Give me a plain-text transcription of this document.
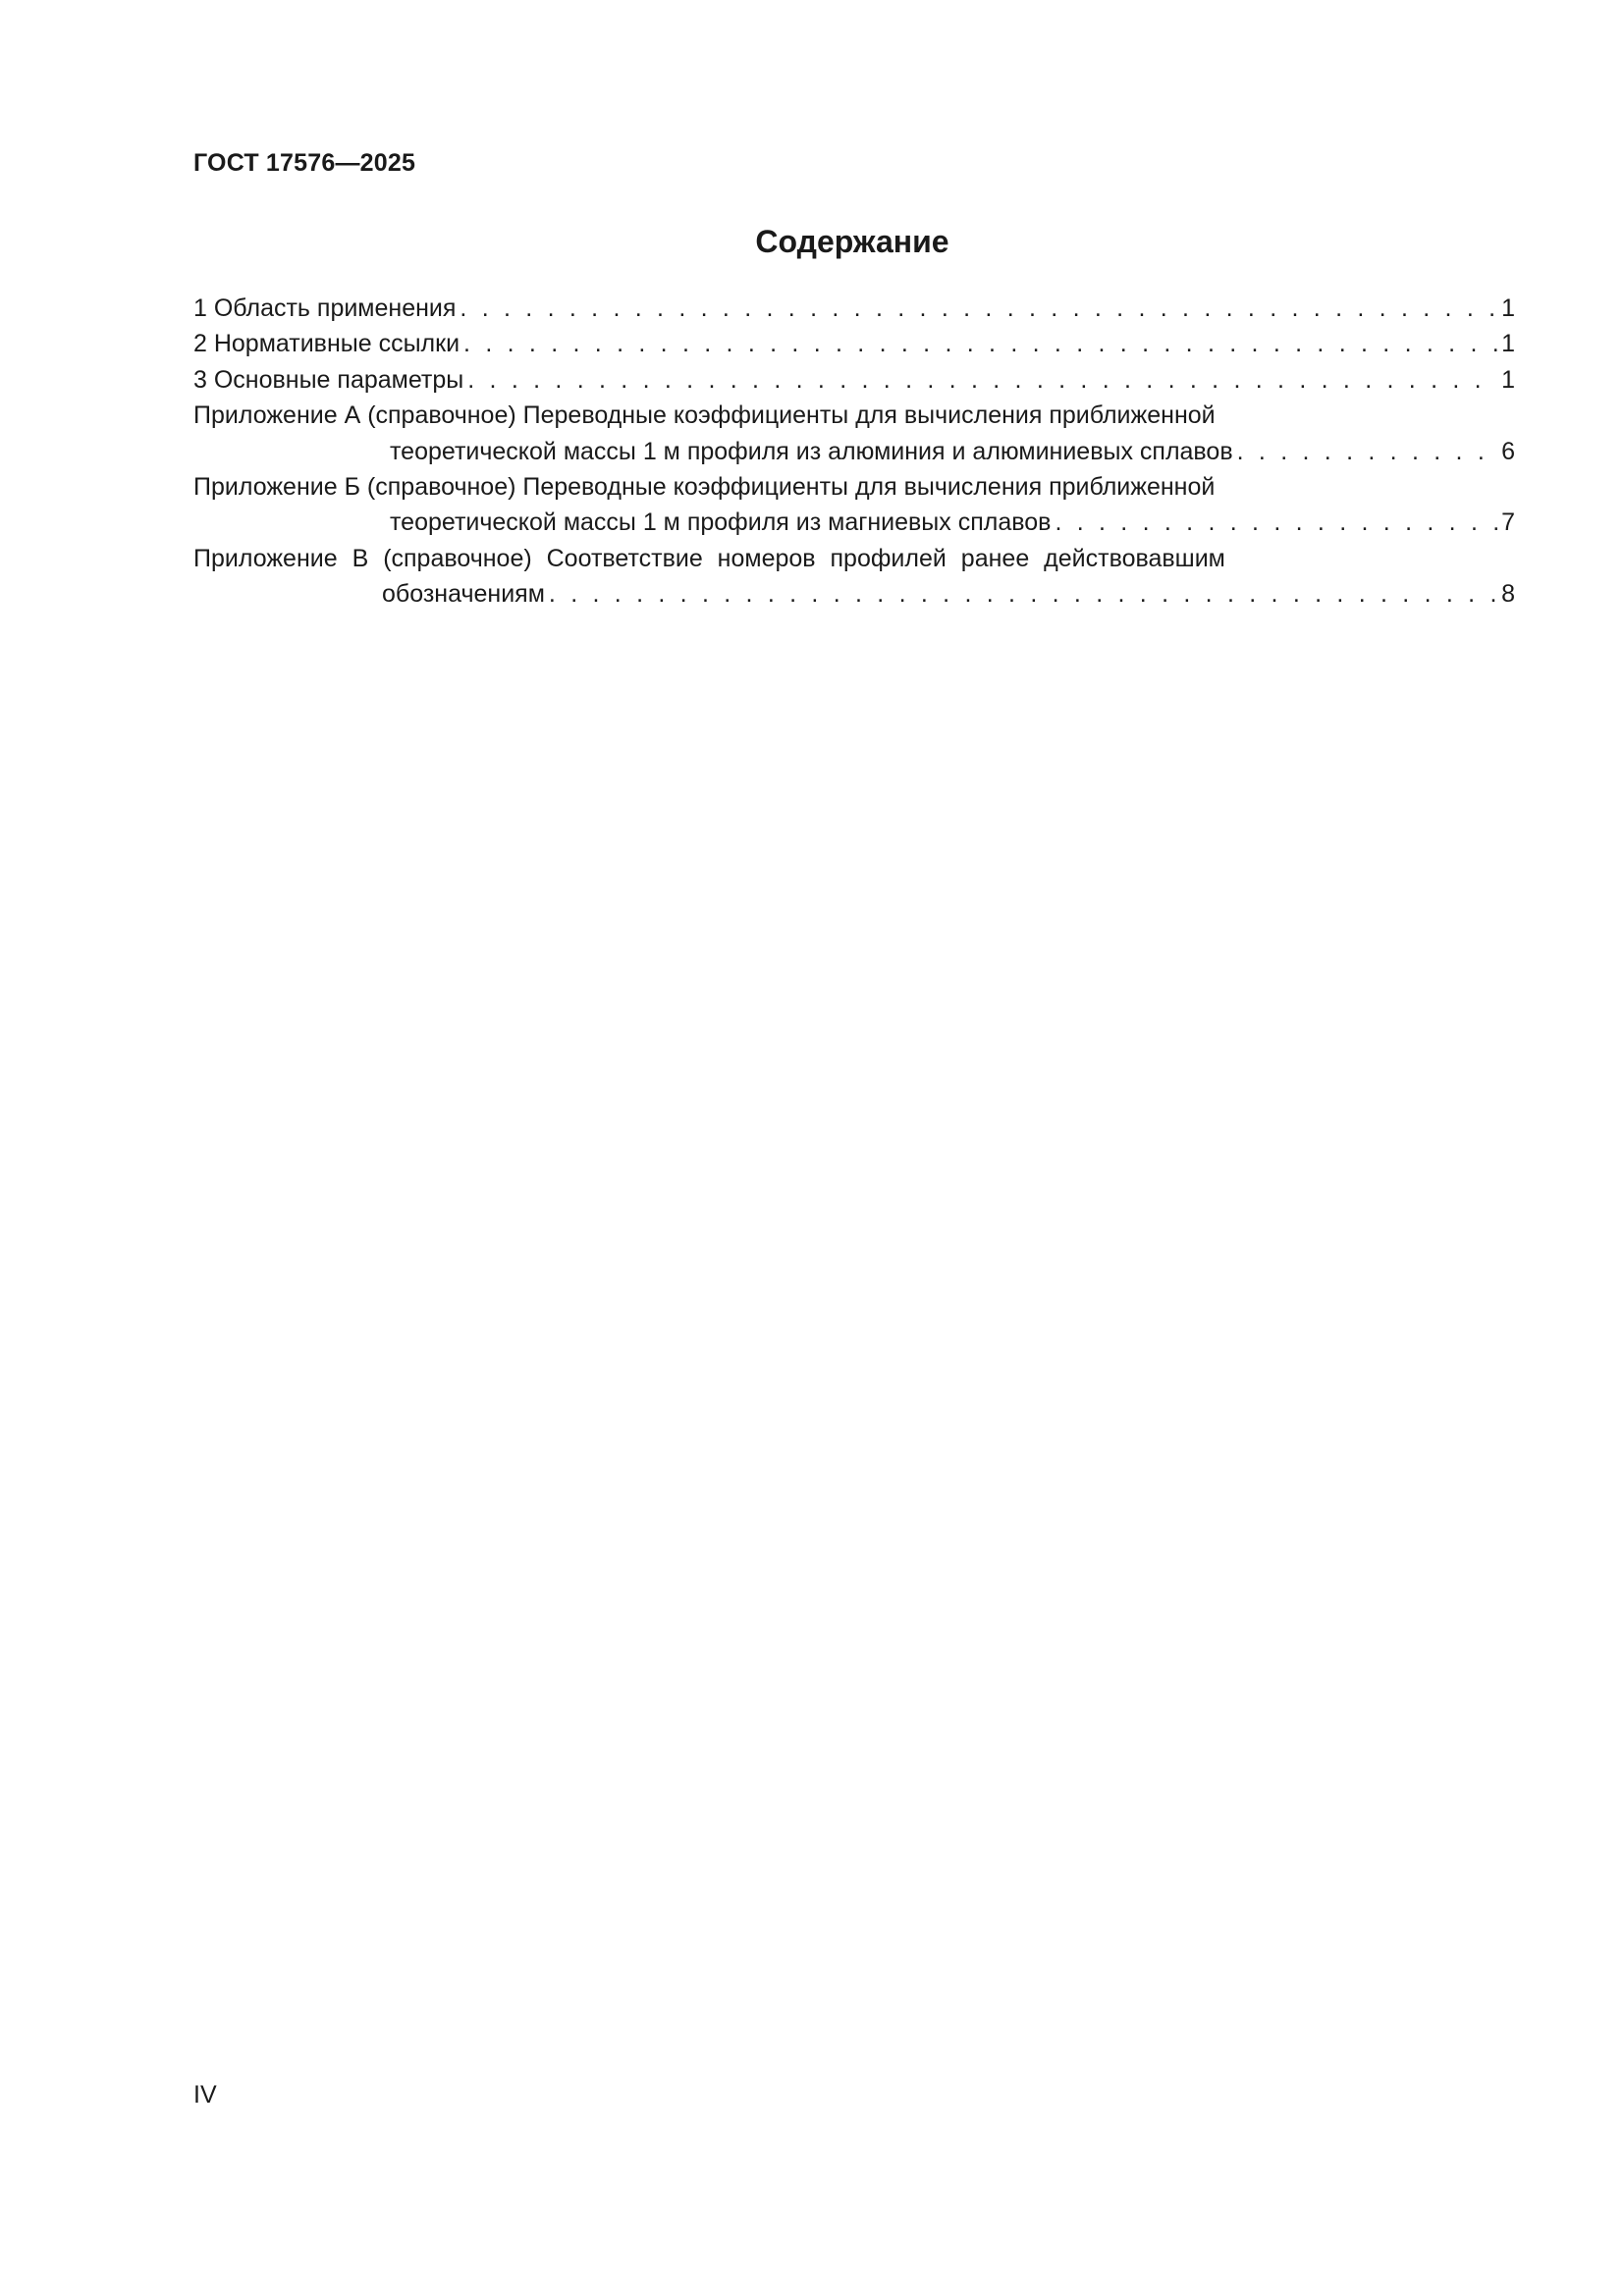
ГОСТ 17576—2025
Содержание
1 Область применения . . .	1
2 Нормативные ссылки . . .	1
3 Основные параметры . . .	1
Приложение А (справочное) Переводные коэффициенты для вычисления приближенной
теоретической массы 1 м профиля из алюминия и алюминиевых сплавов . . .	6
Приложение Б (справочное) Переводные коэффициенты для вычисления приближенной
теоретической массы 1 м профиля из магниевых сплавов . . .	7
Приложение В (справочное) Соответствие номеров профилей ранее действовавшим
обозначениям . . .	8
IV
